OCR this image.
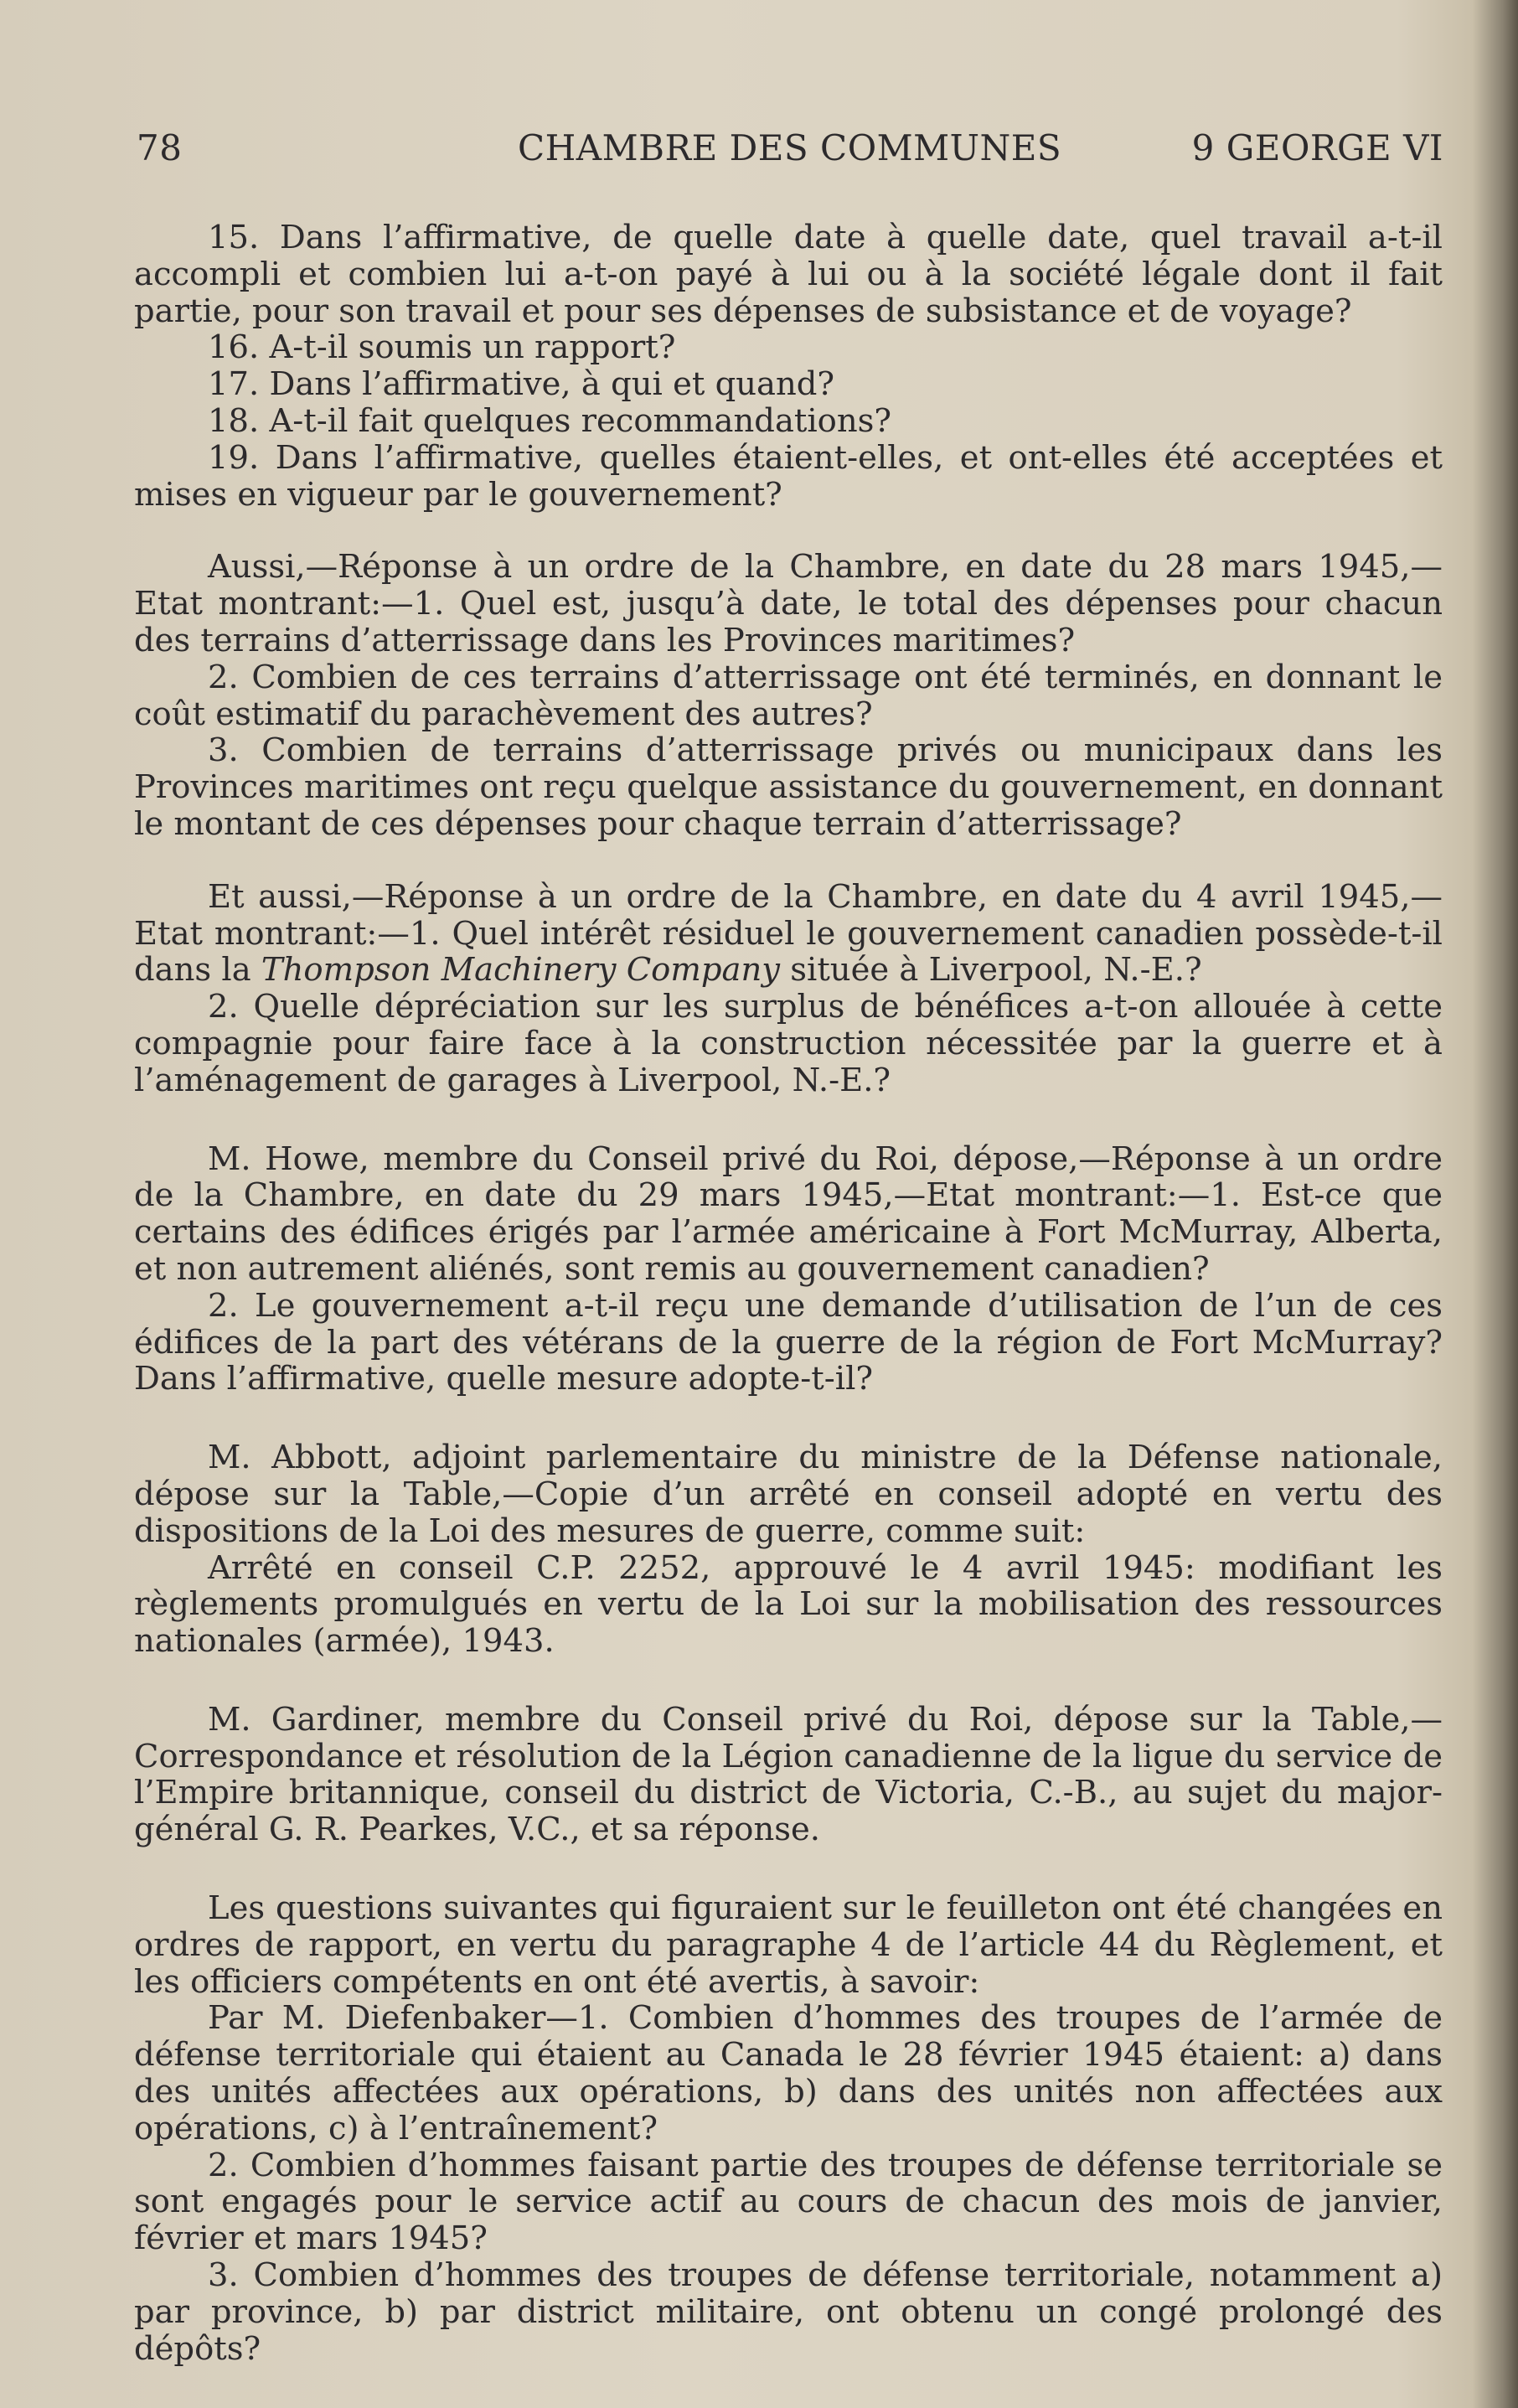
78	CHAMBRE DES COMMUNES	9 GEORGE VI

15. Dans l’affirmative, de quelle date à quelle date, quel travail a-t-il accompli et combien lui a-t-on payé à lui ou à la société légale dont il fait partie, pour son travail et pour ses dépenses de subsistance et de voyage?

16. A-t-il soumis un rapport?

17. Dans l’affirmative, à qui et quand?

18. A-t-il fait quelques recommandations?

19. Dans l’affirmative, quelles étaient-elles, et ont-elles été acceptées et mises en vigueur par le gouvernement?

Aussi,—Réponse à un ordre de la Chambre, en date du 28 mars 1945,—Etat montrant:—1. Quel est, jusqu’à date, le total des dépenses pour chacun des terrains d’atterrissage dans les Provinces maritimes?

2. Combien de ces terrains d’atterrissage ont été terminés, en donnant le coût estimatif du parachèvement des autres?

3. Combien de terrains d’atterrissage privés ou municipaux dans les Provinces maritimes ont reçu quelque assistance du gouvernement, en donnant le montant de ces dépenses pour chaque terrain d’atterrissage?

Et aussi,—Réponse à un ordre de la Chambre, en date du 4 avril 1945,—Etat montrant:—1. Quel intérêt résiduel le gouvernement canadien possède-t-il dans la Thompson Machinery Company située à Liverpool, N.-E.?

2. Quelle dépréciation sur les surplus de bénéfices a-t-on allouée à cette compagnie pour faire face à la construction nécessitée par la guerre et à l’aménagement de garages à Liverpool, N.-E.?

M. Howe, membre du Conseil privé du Roi, dépose,—Réponse à un ordre de la Chambre, en date du 29 mars 1945,—Etat montrant:—1. Est-ce que certains des édifices érigés par l’armée américaine à Fort McMurray, Alberta, et non autrement aliénés, sont remis au gouvernement canadien?

2. Le gouvernement a-t-il reçu une demande d’utilisation de l’un de ces édifices de la part des vétérans de la guerre de la région de Fort McMurray? Dans l’affirmative, quelle mesure adopte-t-il?

M. Abbott, adjoint parlementaire du ministre de la Défense nationale, dépose sur la Table,—Copie d’un arrêté en conseil adopté en vertu des dispositions de la Loi des mesures de guerre, comme suit:

Arrêté en conseil C.P. 2252, approuvé le 4 avril 1945: modifiant les règlements promulgués en vertu de la Loi sur la mobilisation des ressources nationales (armée), 1943.

M. Gardiner, membre du Conseil privé du Roi, dépose sur la Table,—Correspondance et résolution de la Légion canadienne de la ligue du service de l’Empire britannique, conseil du district de Victoria, C.-B., au sujet du major-général G. R. Pearkes, V.C., et sa réponse.

Les questions suivantes qui figuraient sur le feuilleton ont été changées en ordres de rapport, en vertu du paragraphe 4 de l’article 44 du Règlement, et les officiers compétents en ont été avertis, à savoir:

Par M. Diefenbaker—1. Combien d’hommes des troupes de l’armée de défense territoriale qui étaient au Canada le 28 février 1945 étaient: a) dans des unités affectées aux opérations, b) dans des unités non affectées aux opérations, c) à l’entraînement?

2. Combien d’hommes faisant partie des troupes de défense territoriale se sont engagés pour le service actif au cours de chacun des mois de janvier, février et mars 1945?

3. Combien d’hommes des troupes de défense territoriale, notamment a) par province, b) par district militaire, ont obtenu un congé prolongé des dépôts?
